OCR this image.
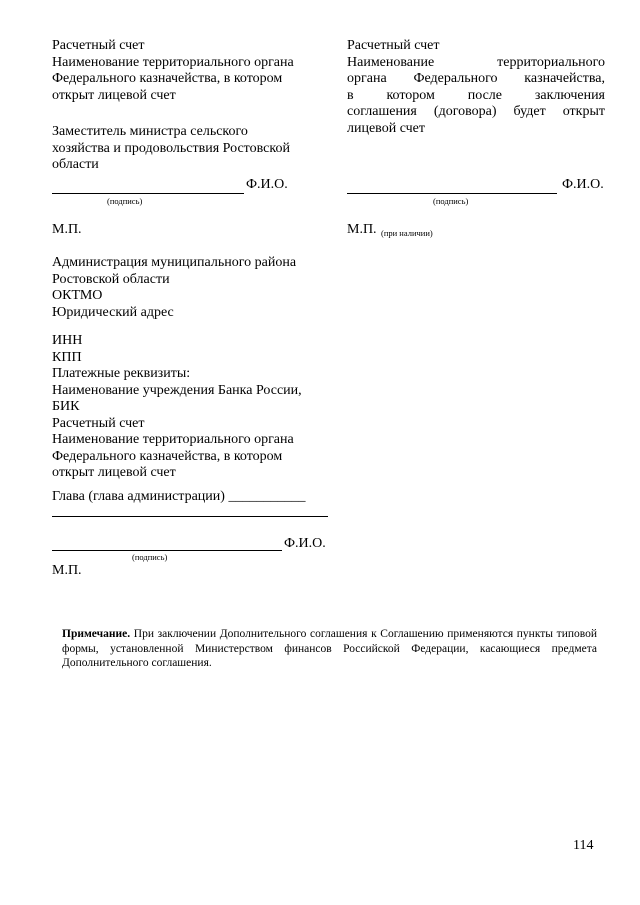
Расчетный счет
Наименование территориального органа
Федерального казначейства, в котором
открыт лицевой счет
Заместитель министра сельского
хозяйства и продовольствия Ростовской
области
Ф.И.О.
(подпись)
М.П.
Администрация муниципального района
Ростовской области
ОКТМО
Юридический адрес
ИНН
КПП
Платежные реквизиты:
Наименование учреждения Банка России,
БИК
Расчетный счет
Наименование территориального органа
Федерального казначейства, в котором
открыт лицевой счет
Глава (глава администрации) ___________
Ф.И.О.
(подпись)
М.П.
Расчетный счет
Наименование территориального
органа Федерального казначейства,
в котором после заключения
соглашения (договора) будет открыт
лицевой счет
Ф.И.О.
(подпись)
М.П. (при наличии)
Примечание. При заключении Дополнительного соглашения к Соглашению применяются пункты типовой формы, установленной Министерством финансов Российской Федерации, касающиеся предмета Дополнительного соглашения.
114
